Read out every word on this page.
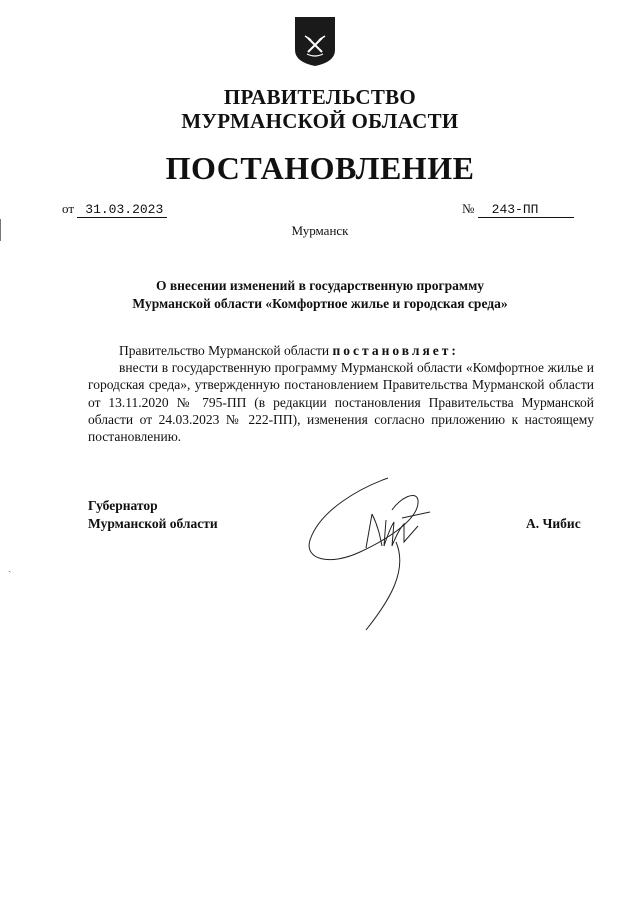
ПРАВИТЕЛЬСТВО
МУРМАНСКОЙ ОБЛАСТИ
ПОСТАНОВЛЕНИЕ
от 31.03.2023	№ 243-ПП
Мурманск
О внесении изменений в государственную программу
Мурманской области «Комфортное жилье и городская среда»

Правительство Мурманской области постановляет:

внести в государственную программу Мурманской области «Комфортное жилье и городская среда», утвержденную постановлением Правительства Мурманской области от 13.11.2020 № 795-ПП (в редакции постановления Правительства Мурманской области от 24.03.2023 № 222-ПП), изменения согласно приложению к настоящему постановлению.

Губернатор
Мурманской области	А. Чибис
ˎ
